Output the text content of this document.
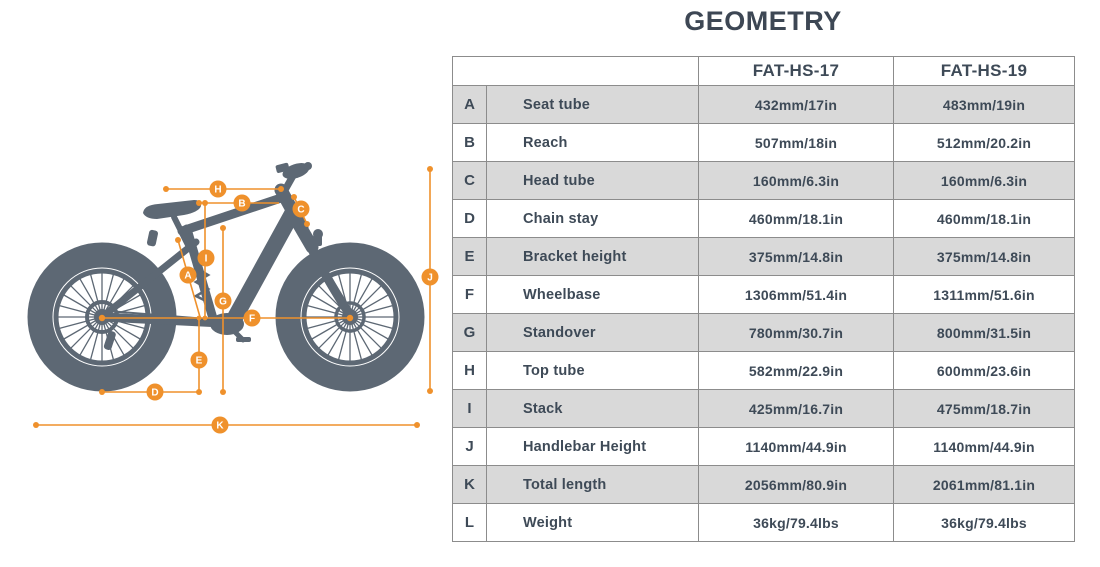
H
B
C
I
A
G
F
E
D
K
J
GEOMETRY
		FAT-HS-17	FAT-HS-19
A	Seat tube	432mm/17in	483mm/19in
B	Reach	507mm/18in	512mm/20.2in
C	Head tube	160mm/6.3in	160mm/6.3in
D	Chain stay	460mm/18.1in	460mm/18.1in
E	Bracket height	375mm/14.8in	375mm/14.8in
F	Wheelbase	1306mm/51.4in	1311mm/51.6in
G	Standover	780mm/30.7in	800mm/31.5in
H	Top tube	582mm/22.9in	600mm/23.6in
I	Stack	425mm/16.7in	475mm/18.7in
J	Handlebar Height	1140mm/44.9in	1140mm/44.9in
K	Total length	2056mm/80.9in	2061mm/81.1in
L	Weight	36kg/79.4lbs	36kg/79.4lbs
